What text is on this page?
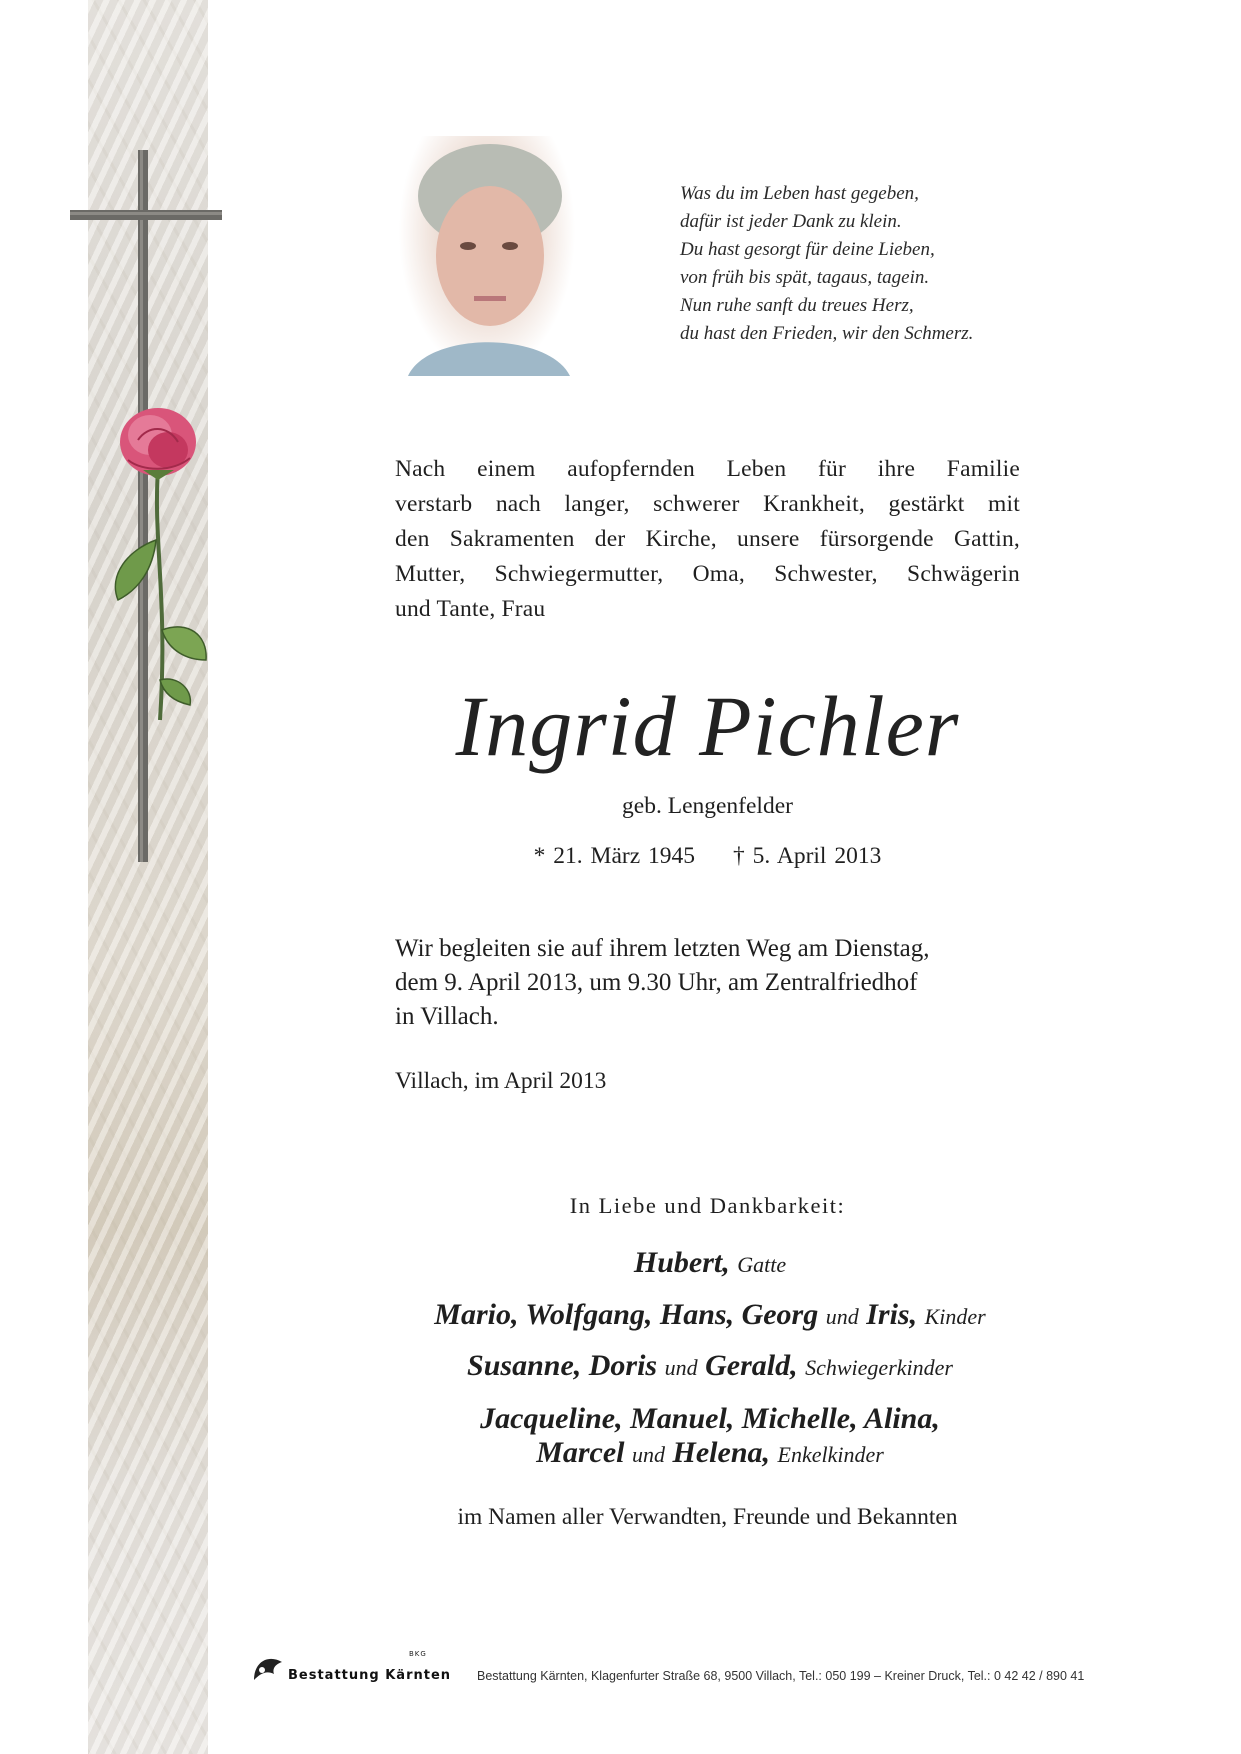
Was du im Leben hast gegeben,
dafür ist jeder Dank zu klein.
Du hast gesorgt für deine Lieben,
von früh bis spät, tagaus, tagein.
Nun ruhe sanft du treues Herz,
du hast den Frieden, wir den Schmerz.
Nach einem aufopfernden Leben für ihre Familie
verstarb nach langer, schwerer Krankheit, gestärkt mit
den Sakramenten der Kirche, unsere fürsorgende Gattin,
Mutter, Schwiegermutter, Oma, Schwester, Schwägerin
und Tante, Frau
Ingrid Pichler
geb. Lengenfelder
* 21. März 1945 † 5. April 2013
Wir begleiten sie auf ihrem letzten Weg am Dienstag,
dem 9. April 2013, um 9.30 Uhr, am Zentralfriedhof
in Villach.
Villach, im April 2013
In Liebe und Dankbarkeit:
Hubert, Gatte
Mario, Wolfgang, Hans, Georg und Iris, Kinder
Susanne, Doris und Gerald, Schwiegerkinder
Jacqueline, Manuel, Michelle, Alina,
Marcel und Helena, Enkelkinder
im Namen aller Verwandten, Freunde und Bekannten
BKG
Bestattung Kärnten Bestattung Kärnten, Klagenfurter Straße 68, 9500 Villach, Tel.: 050 199 – Kreiner Druck, Tel.: 0 42 42 / 890 41
